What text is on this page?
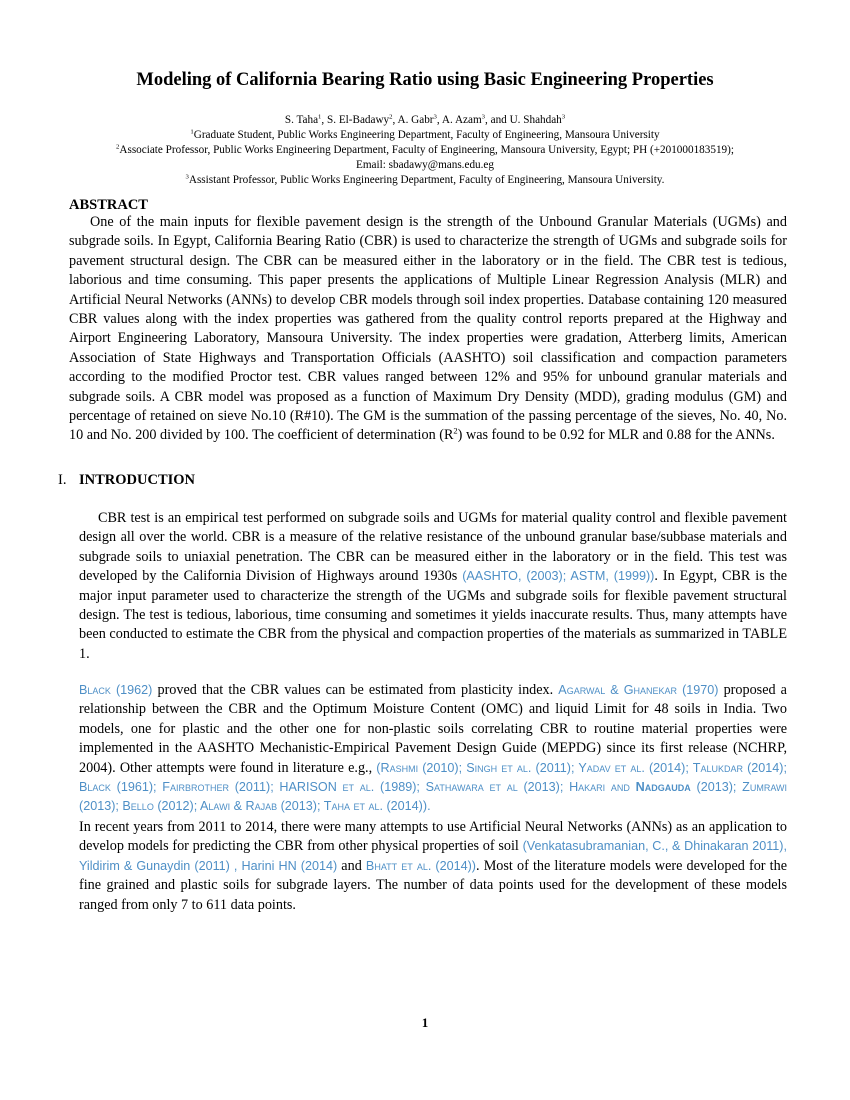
Modeling of California Bearing Ratio using Basic Engineering Properties
S. Taha$^1$, S. El-Badawy$^2$, A. Gabr$^3$, A. Azam$^3$, and U. Shahdah$^3$
$^1$Graduate Student, Public Works Engineering Department, Faculty of Engineering, Mansoura University
$^2$Associate Professor, Public Works Engineering Department, Faculty of Engineering, Mansoura University, Egypt; PH (+201000183519);
Email: sbadawy@mans.edu.eg
$^3$Assistant Professor, Public Works Engineering Department, Faculty of Engineering, Mansoura University.
ABSTRACT

One of the main inputs for flexible pavement design is the strength of the Unbound Granular Materials (UGMs) and subgrade soils. In Egypt, California Bearing Ratio (CBR) is used to characterize the strength of UGMs and subgrade soils for pavement structural design. The CBR can be measured either in the laboratory or in the field. The CBR test is tedious, laborious and time consuming. This paper presents the applications of Multiple Linear Regression Analysis (MLR) and Artificial Neural Networks (ANNs) to develop CBR models through soil index properties. Database containing 120 measured CBR values along with the index properties was gathered from the quality control reports prepared at the Highway and Airport Engineering Laboratory, Mansoura University. The index properties were gradation, Atterberg limits, American Association of State Highways and Transportation Officials (AASHTO) soil classification and compaction parameters according to the modified Proctor test. CBR values ranged between 12% and 95% for unbound granular materials and subgrade soils. A CBR model was proposed as a function of Maximum Dry Density (MDD), grading modulus (GM) and percentage of retained on sieve No.10 (R#10). The GM is the summation of the passing percentage of the sieves, No. 40, No. 10 and No. 200 divided by 100. The coefficient of determination $(R^2)$ was found to be 0.92 for MLR and 0.88 for the ANNs.

I. INTRODUCTION

CBR test is an empirical test performed on subgrade soils and UGMs for material quality control and flexible pavement design all over the world. CBR is a measure of the relative resistance of the unbound granular base/subbase materials and subgrade soils to uniaxial penetration. The CBR can be measured either in the laboratory or in the field. This test was developed by the California Division of Highways around 1930s (AASHTO, (2003); ASTM, (1999)). In Egypt, CBR is the major input parameter used to characterize the strength of the UGMs and subgrade soils for flexible pavement structural design. The test is tedious, laborious, time consuming and sometimes it yields inaccurate results. Thus, many attempts have been conducted to estimate the CBR from the physical and compaction properties of the materials as summarized in TABLE 1.

Black (1962) proved that the CBR values can be estimated from plasticity index. Agarwal & Ghanekar (1970) proposed a relationship between the CBR and the Optimum Moisture Content (OMC) and liquid Limit for 48 soils in India. Two models, one for plastic and the other one for non-plastic soils correlating CBR to routine material properties were implemented in the AASHTO Mechanistic-Empirical Pavement Design Guide (MEPDG) since its first release (NCHRP, 2004). Other attempts were found in literature e.g., (Rashmi (2010); Singh et al. (2011); Yadav et al. (2014); Talukdar (2014); Black (1961); Fairbrother (2011); HARISON et al. (1989); Sathawara et al (2013); Hakari and Nadgauda (2013); Zumrawi (2013); Bello (2012); Alawi & Rajab (2013); Taha et al. (2014)).

In recent years from 2011 to 2014, there were many attempts to use Artificial Neural Networks (ANNs) as an application to develop models for predicting the CBR from other physical properties of soil (Venkatasubramanian, C., & Dhinakaran 2011), Yildirim & Gunaydin (2011) , Harini HN (2014) and Bhatt et al. (2014)). Most of the literature models were developed for the fine grained and plastic soils for subgrade layers. The number of data points used for the development of these models ranged from only 7 to 611 data points.

1
